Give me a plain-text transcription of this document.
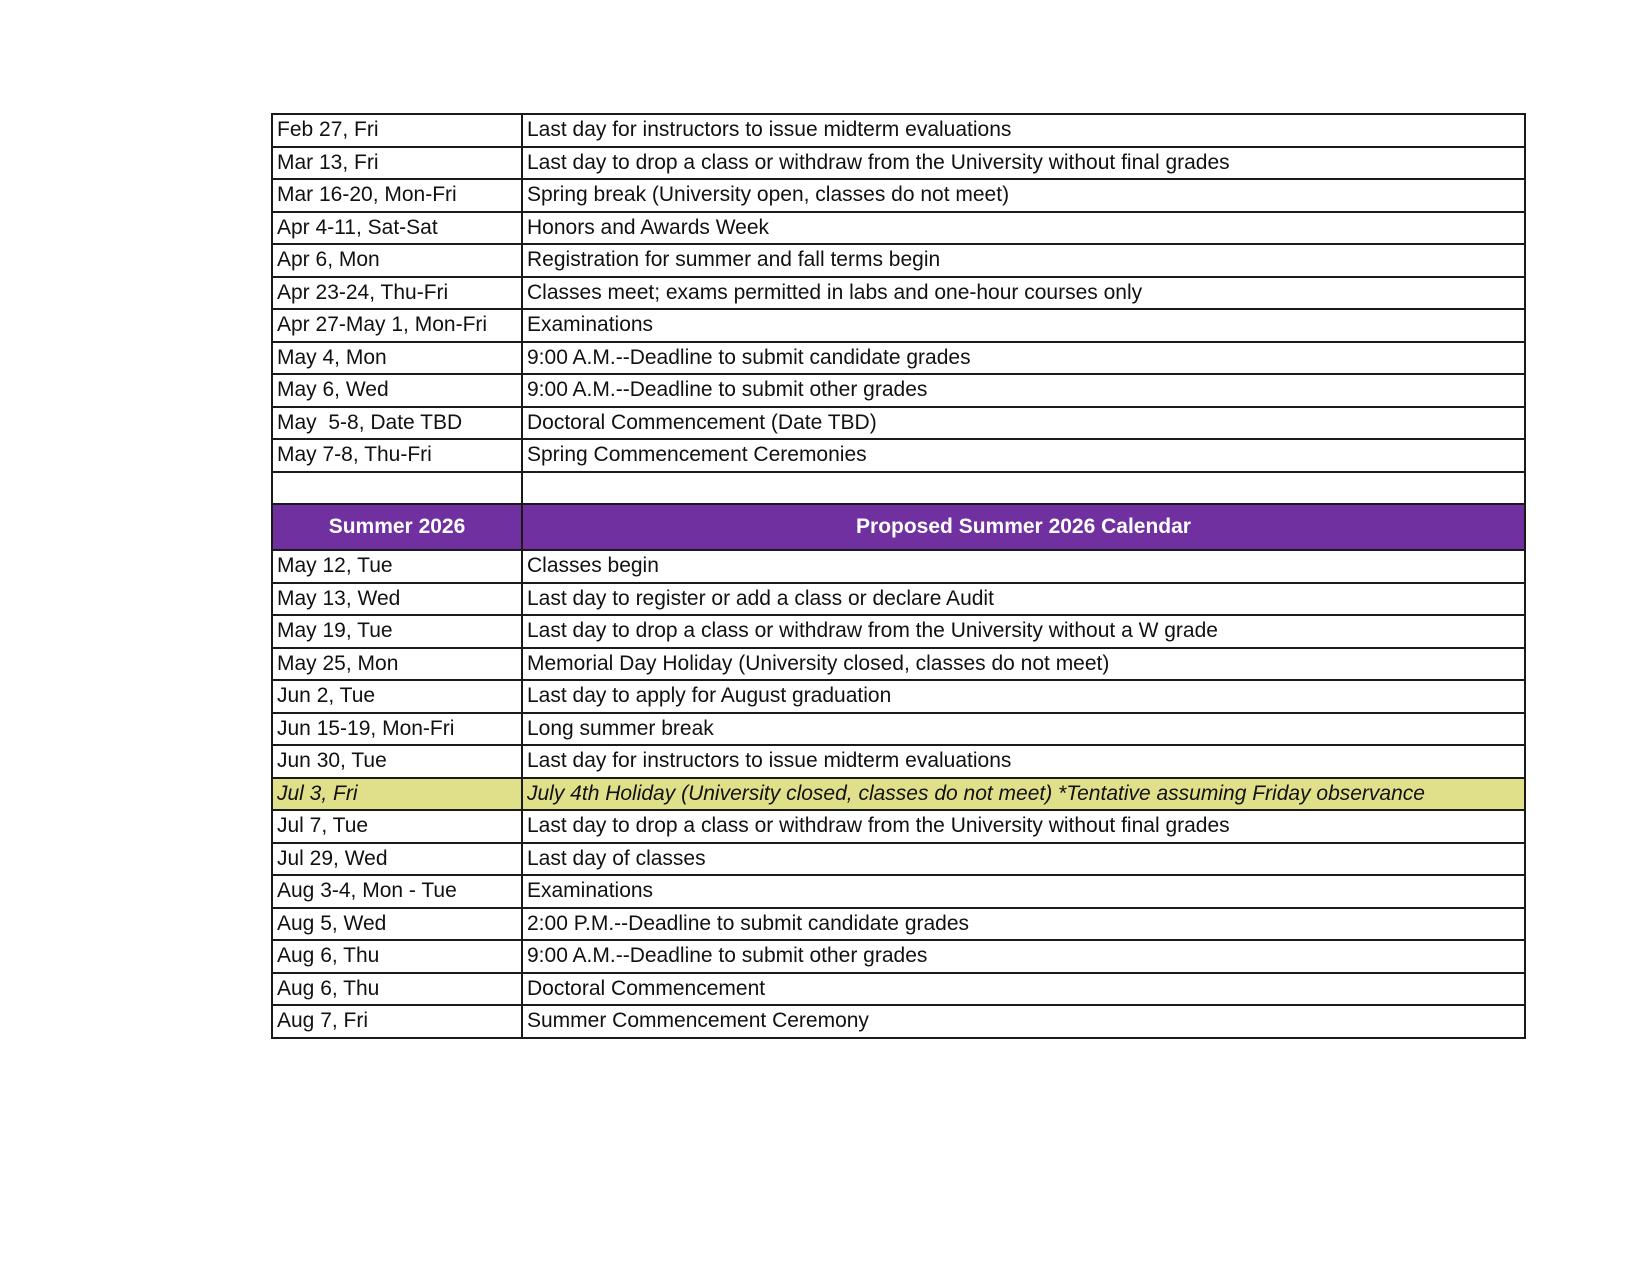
Feb 27, Fri	Last day for instructors to issue midterm evaluations
Mar 13, Fri	Last day to drop a class or withdraw from the University without final grades
Mar 16-20, Mon-Fri	Spring break (University open, classes do not meet)
Apr 4-11, Sat-Sat	Honors and Awards Week
Apr 6, Mon	Registration for summer and fall terms begin
Apr 23-24, Thu-Fri	Classes meet; exams permitted in labs and one-hour courses only
Apr 27-May 1, Mon-Fri	Examinations
May 4, Mon	9:00 A.M.--Deadline to submit candidate grades
May 6, Wed	9:00 A.M.--Deadline to submit other grades
May  5-8, Date TBD	Doctoral Commencement (Date TBD)
May 7-8, Thu-Fri	Spring Commencement Ceremonies

Summer 2026	Proposed Summer 2026 Calendar
May 12, Tue	Classes begin
May 13, Wed	Last day to register or add a class or declare Audit
May 19, Tue	Last day to drop a class or withdraw from the University without a W grade
May 25, Mon	Memorial Day Holiday (University closed, classes do not meet)
Jun 2, Tue	Last day to apply for August graduation
Jun 15-19, Mon-Fri	Long summer break
Jun 30, Tue	Last day for instructors to issue midterm evaluations
Jul 3, Fri	July 4th Holiday (University closed, classes do not meet) *Tentative assuming Friday observance
Jul 7, Tue	Last day to drop a class or withdraw from the University without final grades
Jul 29, Wed	Last day of classes
Aug 3-4, Mon - Tue	Examinations
Aug 5, Wed	2:00 P.M.--Deadline to submit candidate grades
Aug 6, Thu	9:00 A.M.--Deadline to submit other grades
Aug 6, Thu	Doctoral Commencement
Aug 7, Fri	Summer Commencement Ceremony
